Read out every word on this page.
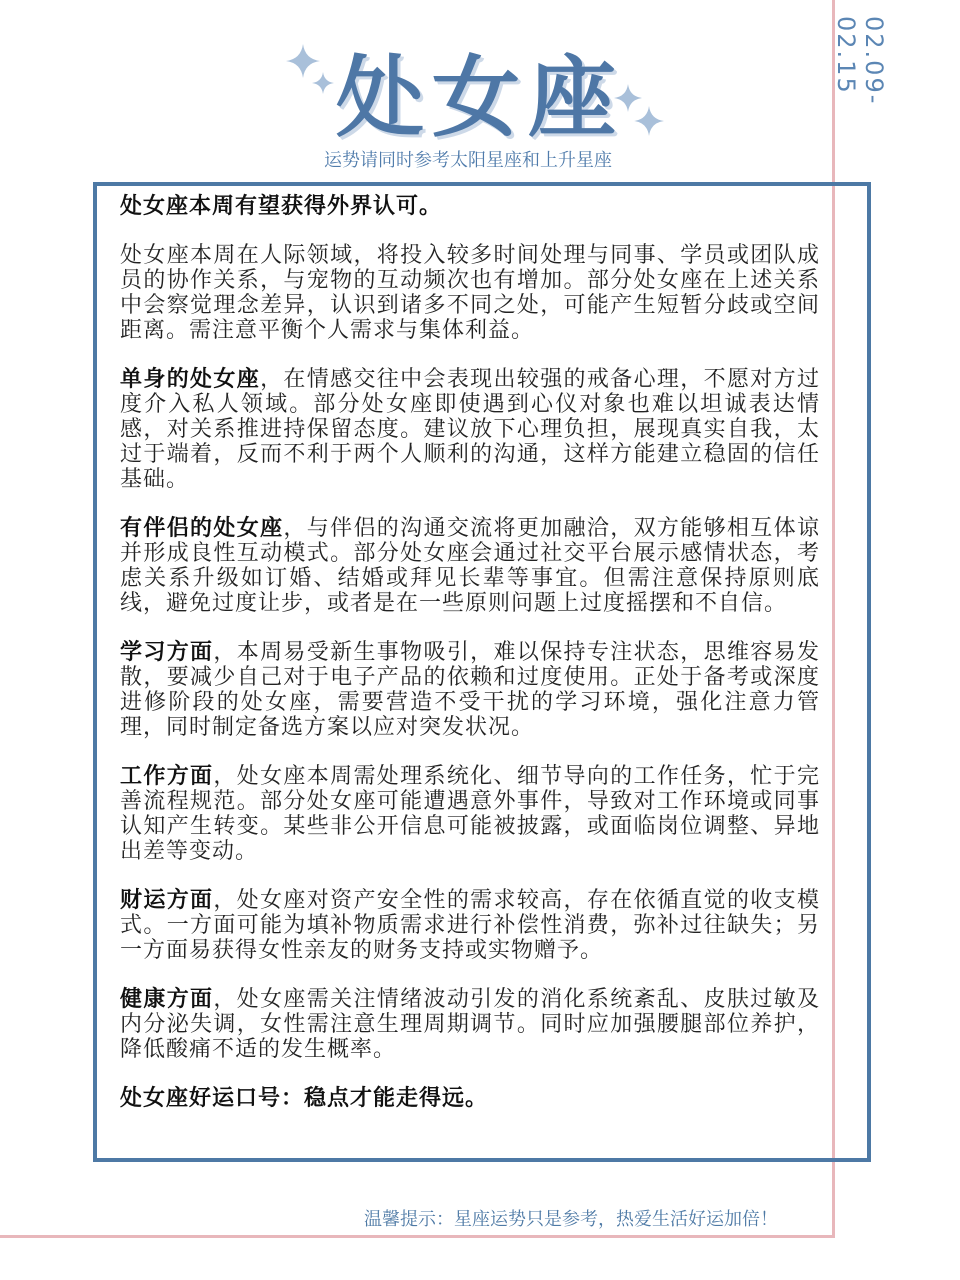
02.09-02.15
处女座
运势请同时参考太阳星座和上升星座

处女座本周有望获得外界认可。

处女座本周在人际领域，将投入较多时间处理与同事、学员或团队成员的协作关系，与宠物的互动频次也有增加。部分处女座在上述关系中会察觉理念差异，认识到诸多不同之处，可能产生短暂分歧或空间距离。需注意平衡个人需求与集体利益。

单身的处女座，在情感交往中会表现出较强的戒备心理，不愿对方过度介入私人领域。部分处女座即使遇到心仪对象也难以坦诚表达情感，对关系推进持保留态度。建议放下心理负担，展现真实自我，太过于端着，反而不利于两个人顺利的沟通，这样方能建立稳固的信任基础。

有伴侣的处女座，与伴侣的沟通交流将更加融洽，双方能够相互体谅并形成良性互动模式。部分处女座会通过社交平台展示感情状态，考虑关系升级如订婚、结婚或拜见长辈等事宜。但需注意保持原则底线，避免过度让步，或者是在一些原则问题上过度摇摆和不自信。

学习方面，本周易受新生事物吸引，难以保持专注状态，思维容易发散，要减少自己对于电子产品的依赖和过度使用。正处于备考或深度进修阶段的处女座，需要营造不受干扰的学习环境，强化注意力管理，同时制定备选方案以应对突发状况。

工作方面，处女座本周需处理系统化、细节导向的工作任务，忙于完善流程规范。部分处女座可能遭遇意外事件，导致对工作环境或同事认知产生转变。某些非公开信息可能被披露，或面临岗位调整、异地出差等变动。

财运方面，处女座对资产安全性的需求较高，存在依循直觉的收支模式。一方面可能为填补物质需求进行补偿性消费，弥补过往缺失；另一方面易获得女性亲友的财务支持或实物赠予。

健康方面，处女座需关注情绪波动引发的消化系统紊乱、皮肤过敏及内分泌失调，女性需注意生理周期调节。同时应加强腰腿部位养护，降低酸痛不适的发生概率。

处女座好运口号：稳点才能走得远。

温馨提示：星座运势只是参考，热爱生活好运加倍！
